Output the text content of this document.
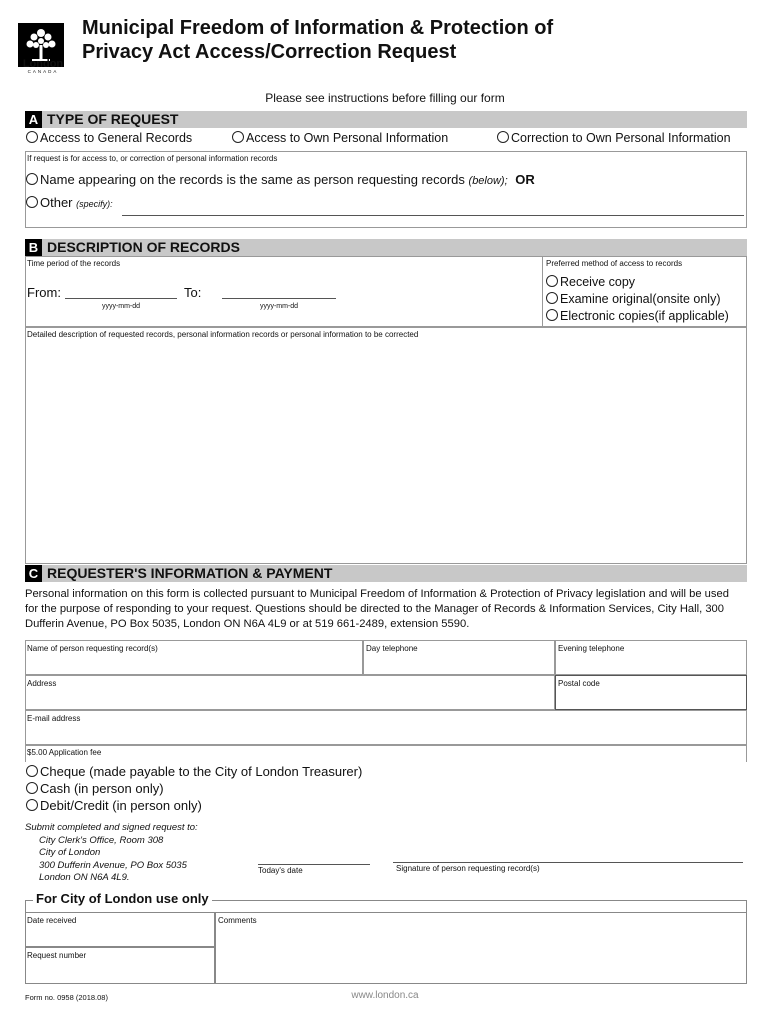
London
CANADA
Municipal Freedom of Information & Protection of
Privacy Act Access/Correction Request
Please see instructions before filling our form
A TYPE OF REQUEST
Access to General Records	Access to Own Personal Information	Correction to Own Personal Information
If request is for access to, or correction of personal information records
Name appearing on the records is the same as person requesting records (below); OR
Other (specify):
B DESCRIPTION OF RECORDS
Time period of the records
From:
yyyy-mm-dd
To:
yyyy-mm-dd
Preferred method of access to records
Receive copy
Examine original(onsite only)
Electronic copies(if applicable)
Detailed description of requested records, personal information records or personal information to be corrected
C REQUESTER'S INFORMATION & PAYMENT
Personal information on this form is collected pursuant to Municipal Freedom of Information & Protection of Privacy legislation and will be used
for the purpose of responding to your request. Questions should be directed to the Manager of Records & Information Services, City Hall, 300
Dufferin Avenue, PO Box 5035, London ON N6A 4L9 or at 519 661-2489, extension 5590.
Name of person requesting record(s)	Day telephone	Evening telephone
Address	Postal code
E-mail address
$5.00 Application fee
Cheque (made payable to the City of London Treasurer)
Cash (in person only)
Debit/Credit (in person only)
Submit completed and signed request to:
City Clerk's Office, Room 308
City of London
300 Dufferin Avenue, PO Box 5035
London ON N6A 4L9.
Today's date	Signature of person requesting record(s)
For City of London use only
Date received
Request number
Comments
Form no. 0958 (2018.08)	www.london.ca
